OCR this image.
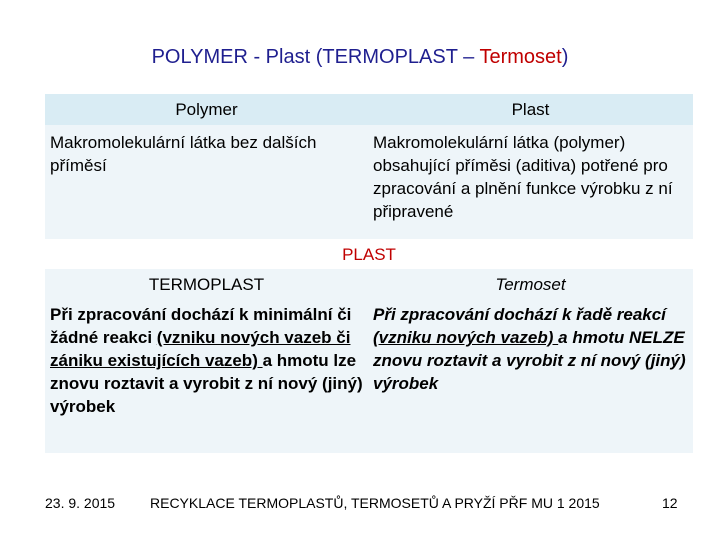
POLYMER - Plast (TERMOPLAST – Termoset)
Polymer	Plast
Makromolekulární látka bez dalších příměsí	Makromolekulární látka (polymer) obsahující příměsi (aditiva) potřené pro zpracování a plnění funkce výrobku z ní připravené
PLAST	
TERMOPLAST	Termoset
Při zpracování dochází k minimální či žádné reakci (vzniku nových vazeb či zániku existujících vazeb) a hmotu lze znovu roztavit a vyrobit z ní nový (jiný) výrobek	Při zpracování dochází k řadě reakcí (vzniku nových vazeb) a hmotu NELZE znovu roztavit a vyrobit z ní nový (jiný) výrobek
23. 9. 2015 RECYKLACE TERMOPLASTŮ, TERMOSETŮ A PRYŽÍ PŘF MU 1 2015	12
